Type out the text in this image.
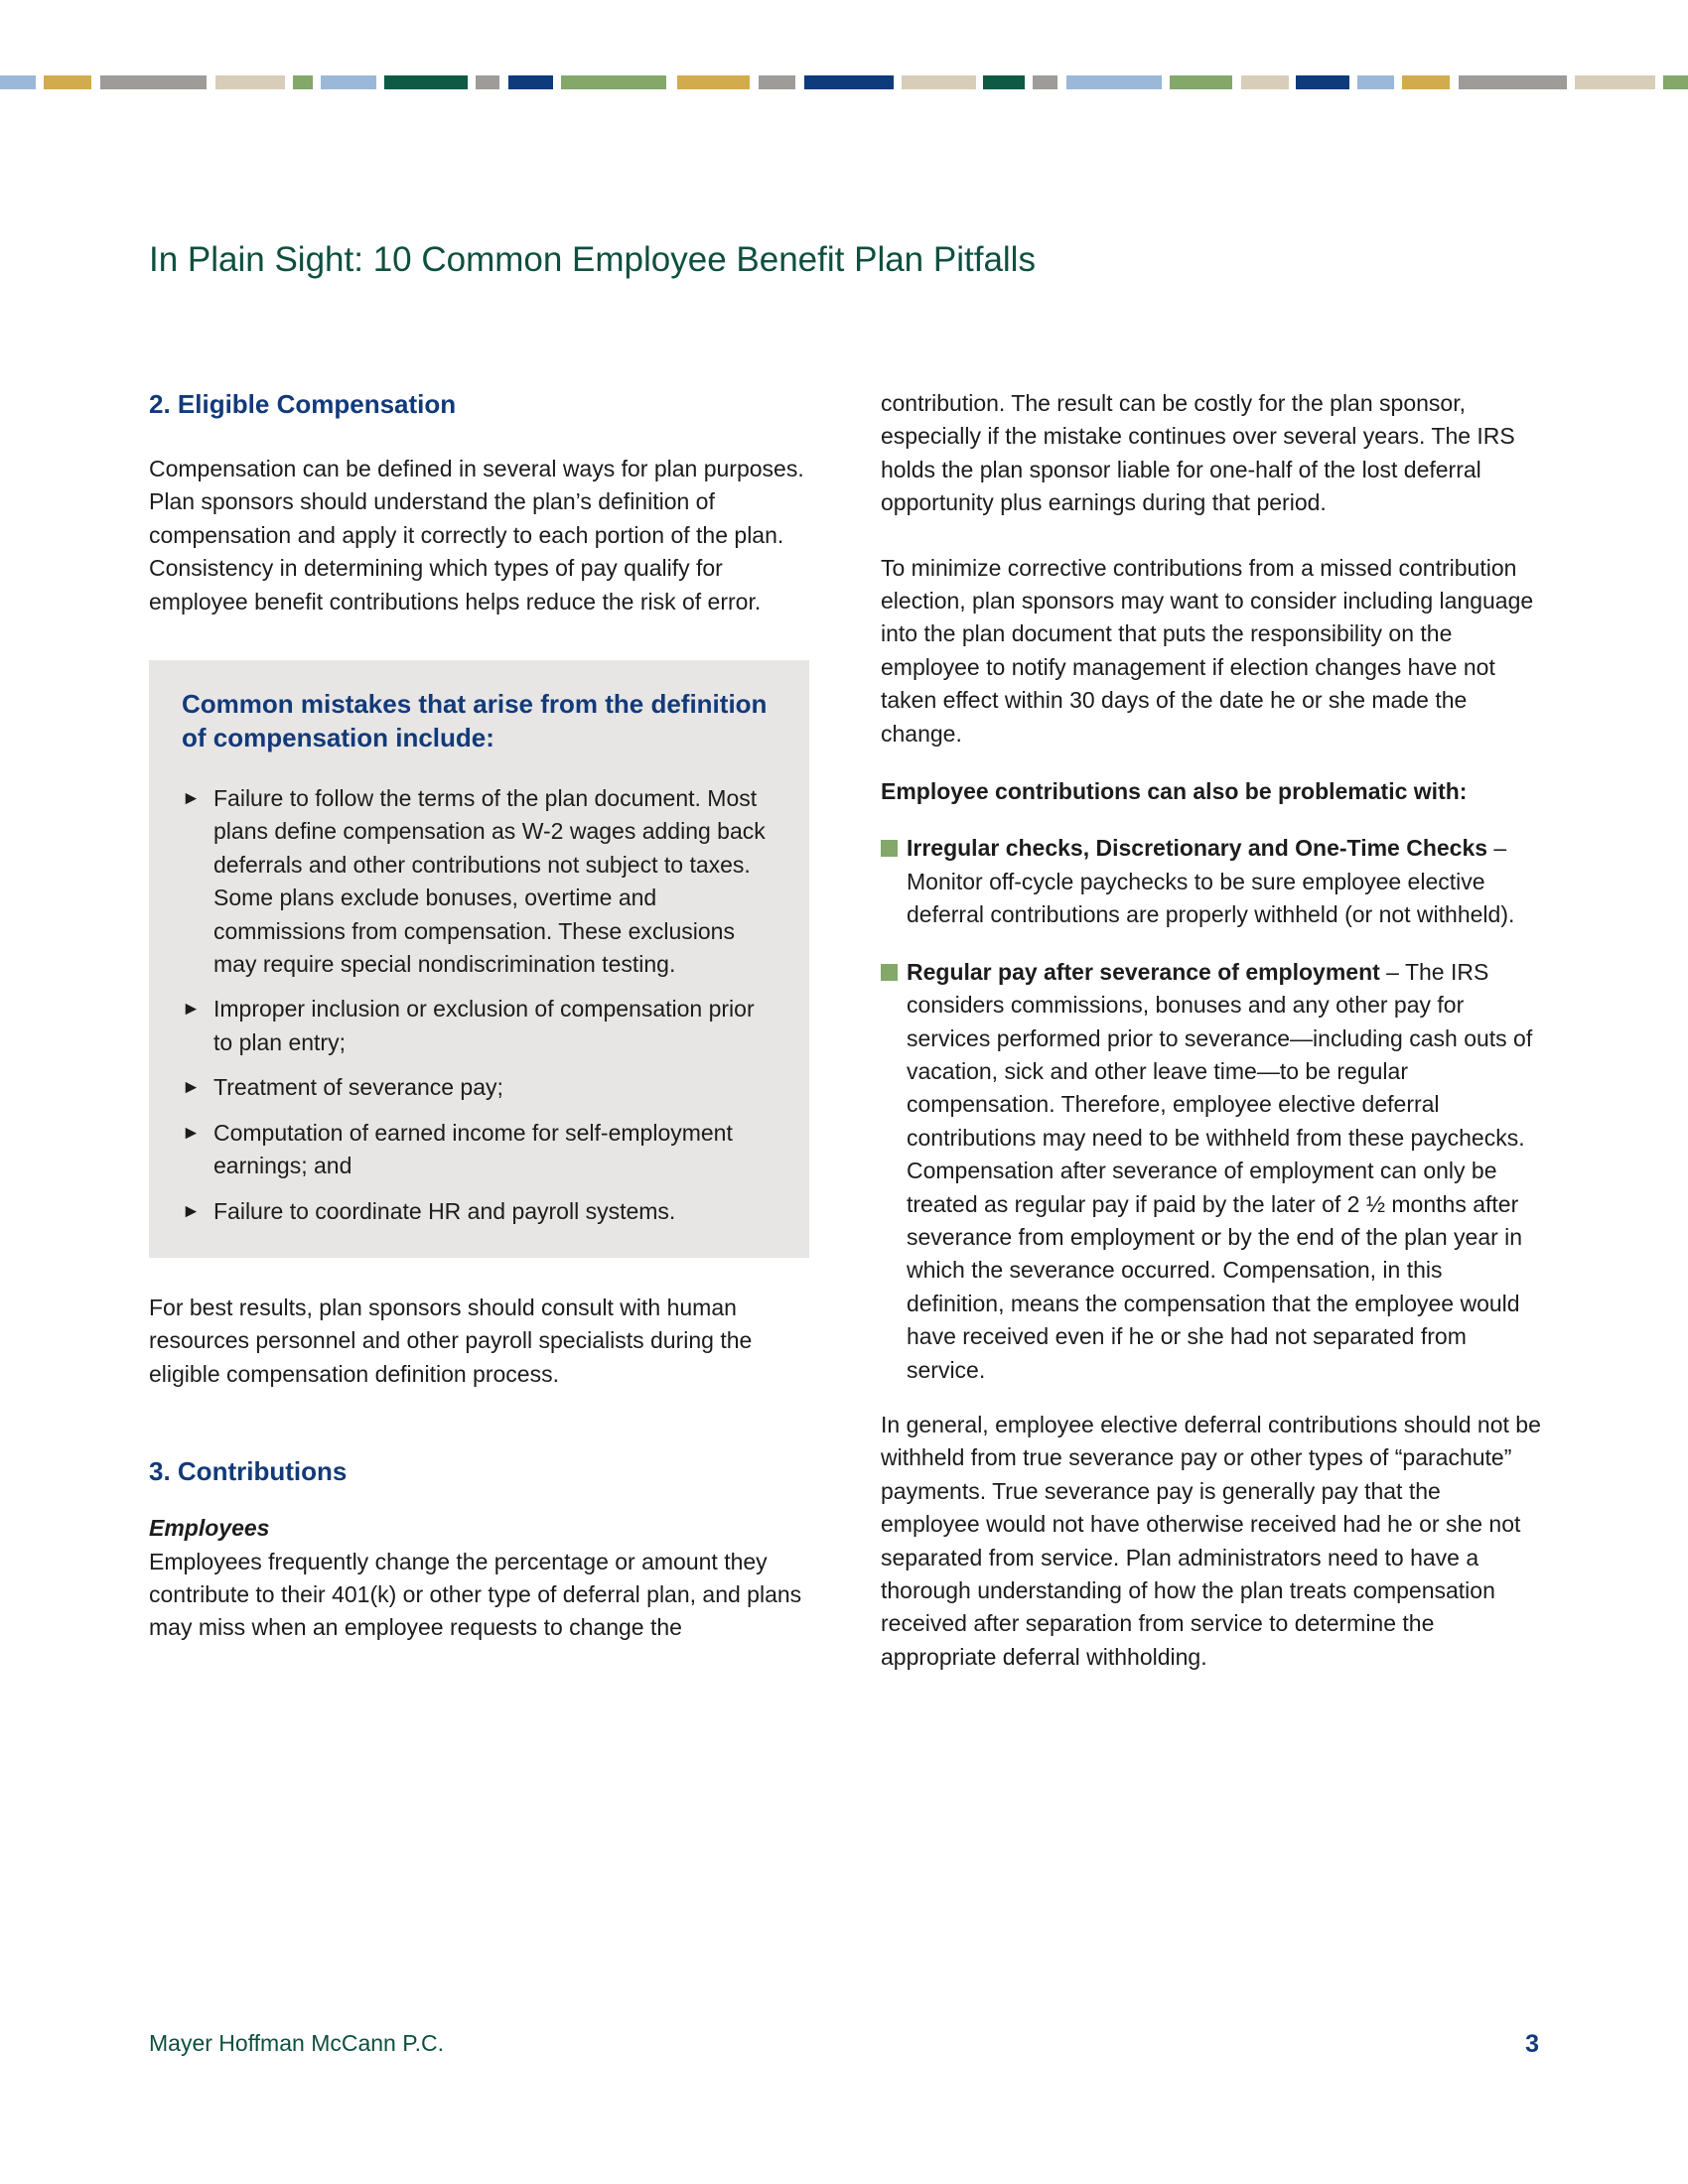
In Plain Sight: 10 Common Employee Benefit Plan Pitfalls
2. Eligible Compensation

Compensation can be defined in several ways for plan purposes. Plan sponsors should understand the plan’s definition of compensation and apply it correctly to each portion of the plan. Consistency in determining which types of pay qualify for employee benefit contributions helps reduce the risk of error.

Common mistakes that arise from the definition of compensation include:

► Failure to follow the terms of the plan document. Most plans define compensation as W-2 wages adding back deferrals and other contributions not subject to taxes. Some plans exclude bonuses, overtime and commissions from compensation. These exclusions may require special nondiscrimination testing.
► Improper inclusion or exclusion of compensation prior to plan entry;
► Treatment of severance pay;
► Computation of earned income for self-employment earnings; and
► Failure to coordinate HR and payroll systems.

For best results, plan sponsors should consult with human resources personnel and other payroll specialists during the eligible compensation definition process.

3. Contributions

Employees

Employees frequently change the percentage or amount they contribute to their 401(k) or other type of deferral plan, and plans may miss when an employee requests to change the

contribution. The result can be costly for the plan sponsor, especially if the mistake continues over several years. The IRS holds the plan sponsor liable for one-half of the lost deferral opportunity plus earnings during that period.

To minimize corrective contributions from a missed contribution election, plan sponsors may want to consider including language into the plan document that puts the responsibility on the employee to notify management if election changes have not taken effect within 30 days of the date he or she made the change.

Employee contributions can also be problematic with:

Irregular checks, Discretionary and One-Time Checks – Monitor off-cycle paychecks to be sure employee elective deferral contributions are properly withheld (or not withheld).
Regular pay after severance of employment – The IRS considers commissions, bonuses and any other pay for services performed prior to severance—including cash outs of vacation, sick and other leave time—to be regular compensation. Therefore, employee elective deferral contributions may need to be withheld from these paychecks. Compensation after severance of employment can only be treated as regular pay if paid by the later of 2 ½ months after severance from employment or by the end of the plan year in which the severance occurred. Compensation, in this definition, means the compensation that the employee would have received even if he or she had not separated from service.

In general, employee elective deferral contributions should not be withheld from true severance pay or other types of “parachute” payments. True severance pay is generally pay that the employee would not have otherwise received had he or she not separated from service. Plan administrators need to have a thorough understanding of how the plan treats compensation received after separation from service to determine the appropriate deferral withholding.

Mayer Hoffman McCann P.C.	3
